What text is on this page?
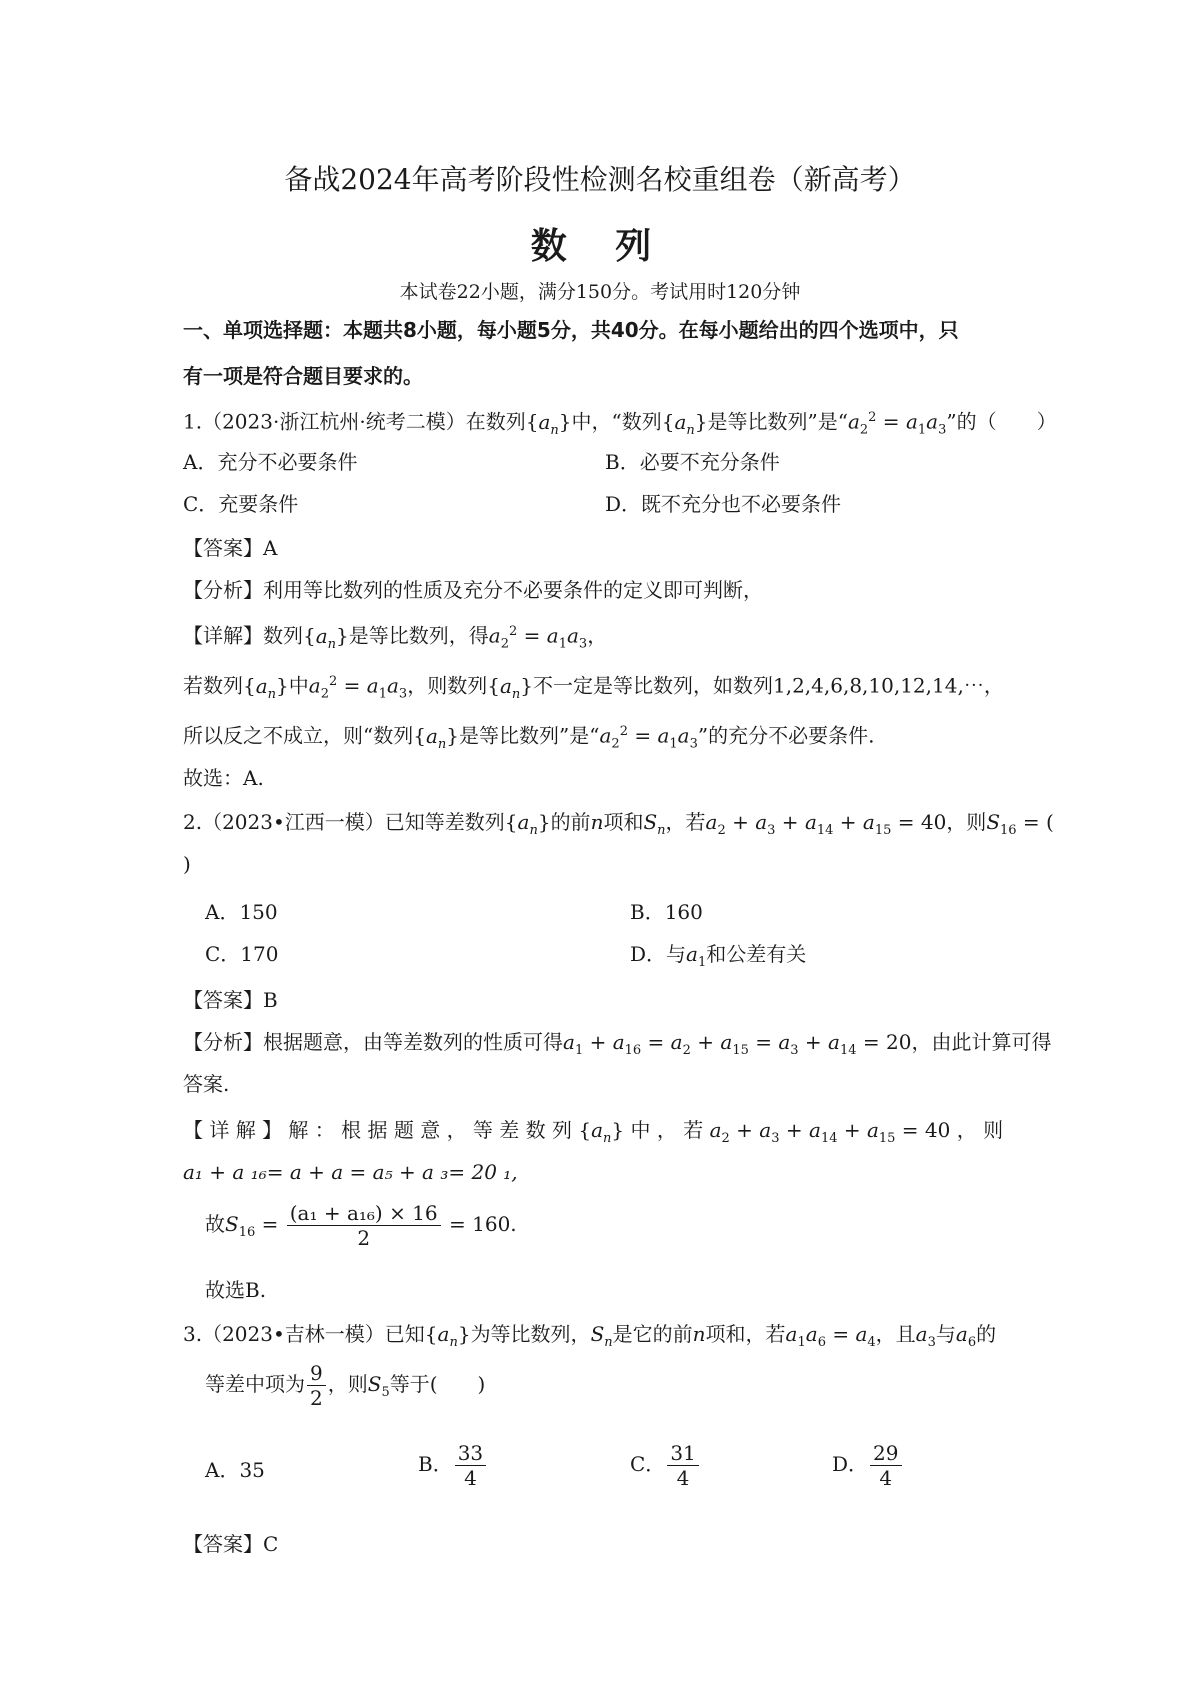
备战2024年高考阶段性检测名校重组卷（新高考）
数 列
本试卷22小题，满分150分。考试用时120分钟
一、单项选择题：本题共8小题，每小题5分，共40分。在每小题给出的四个选项中，只
有一项是符合题目要求的。
1.（2023·浙江杭州·统考二模）在数列$\{a_n\}$中，“数列$\{a_n\}$是等比数列”是“$a_2^2 = a_1a_3$”的（　　）
A．充分不必要条件	B．必要不充分条件
C．充要条件	D．既不充分也不必要条件
【答案】A
【分析】利用等比数列的性质及充分不必要条件的定义即可判断，
【详解】数列$\{a_n\}$是等比数列，得$a_2^2 = a_1a_3$，
若数列$\{a_n\}$中$a_2^2 = a_1a_3$，则数列$\{a_n\}$不一定是等比数列，如数列1,2,4,6,8,10,12,14,⋯，
所以反之不成立，则“数列$\{a_n\}$是等比数列”是“$a_2^2 = a_1a_3$”的充分不必要条件.
故选：A.
2.（2023•江西一模）已知等差数列$\{a_n\}$的前n项和$S_n$，若$a_2 + a_3 + a_{14} + a_{15} = 40$，则$S_{16}$ = (
)
A．150	B．160
C．170	D．与$a_1$和公差有关
【答案】B
【分析】根据题意，由等差数列的性质可得$a_1 + a_{16} = a_2 + a_{15} = a_3 + a_{14} = 20$，由此计算可得
答案.
【 详 解 】 解 ： 根 据 题 意 ， 等 差 数 列 $\{a_n\}$ 中 ， 若 $a_2 + a_3 + a_{14} + a_{15} = 40$ ， 则
a₁ + a ₁₆= a + a = a₅ + a ₃= 20 ₁,
故$S_{16} = \frac{\text{(a₁ + a₁₆) × 16}}{2} = 160$.
故选B.
3.（2023•吉林一模）已知$\{a_n\}$为等比数列，$S_n$是它的前n项和，若$a_1a_6 = a_4$，且$a_3$与$a_6$的
等差中项为 $\frac{9}{2}$ ，则$S_5$等于(　　)
A．35	B． $\frac{33}{4}$	C． $\frac{31}{4}$	D． $\frac{29}{4}$
【答案】C
